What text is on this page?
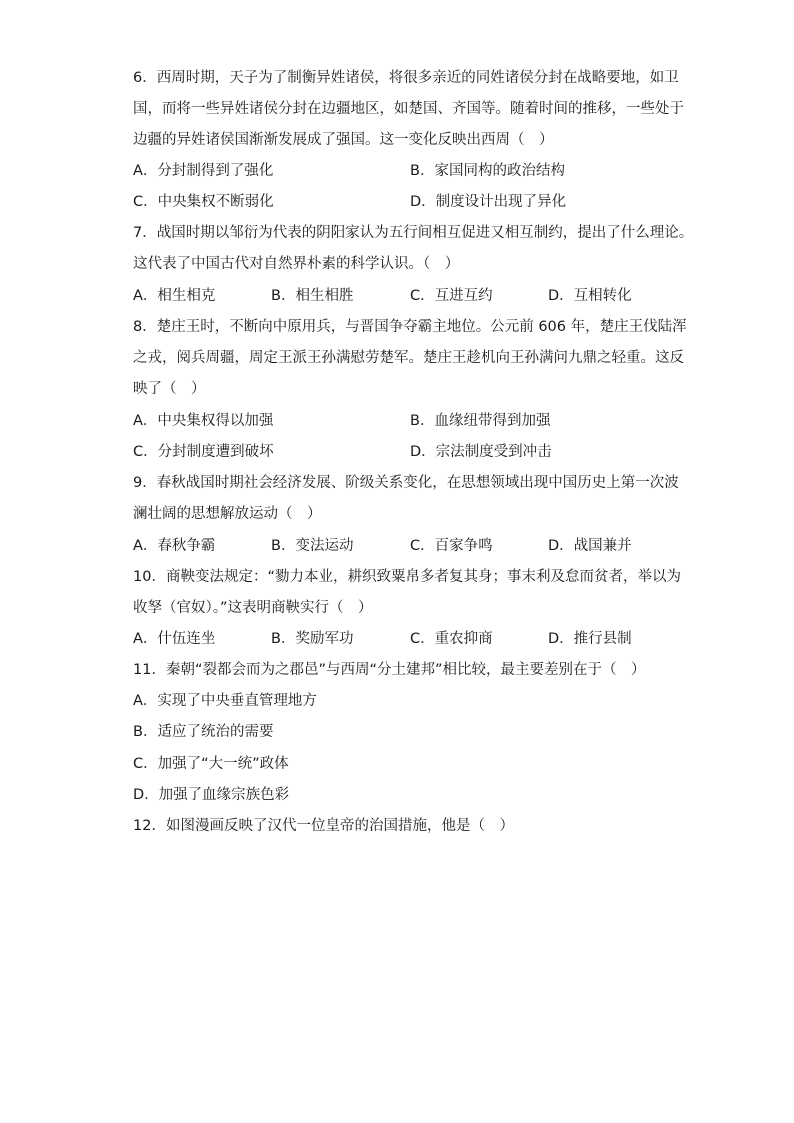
6．西周时期，天子为了制衡异姓诸侯，将很多亲近的同姓诸侯分封在战略要地，如卫
国，而将一些异姓诸侯分封在边疆地区，如楚国、齐国等。随着时间的推移，一些处于
边疆的异姓诸侯国渐渐发展成了强国。这一变化反映出西周（　）
A．分封制得到了强化	B．家国同构的政治结构
C．中央集权不断弱化	D．制度设计出现了异化
7．战国时期以邹衍为代表的阴阳家认为五行间相互促进又相互制约，提出了什么理论。
这代表了中国古代对自然界朴素的科学认识。（　）
A．相生相克	B．相生相胜	C．互进互约	D．互相转化
8．楚庄王时，不断向中原用兵，与晋国争夺霸主地位。公元前 606 年，楚庄王伐陆浑
之戎，阅兵周疆，周定王派王孙满慰劳楚军。楚庄王趁机向王孙满问九鼎之轻重。这反
映了（　）
A．中央集权得以加强	B．血缘纽带得到加强
C．分封制度遭到破坏	D．宗法制度受到冲击
9．春秋战国时期社会经济发展、阶级关系变化，在思想领域出现中国历史上第一次波
澜壮阔的思想解放运动（　）
A．春秋争霸	B．变法运动	C．百家争鸣	D．战国兼并
10．商鞅变法规定：“勠力本业，耕织致粟帛多者复其身；事末利及怠而贫者，举以为
收孥（官奴）。”这表明商鞅实行（　）
A．什伍连坐	B．奖励军功	C．重农抑商	D．推行县制
11．秦朝“裂都会而为之郡邑”与西周“分土建邦”相比较，最主要差别在于（　）
A．实现了中央垂直管理地方
B．适应了统治的需要
C．加强了“大一统”政体
D．加强了血缘宗族色彩
12．如图漫画反映了汉代一位皇帝的治国措施，他是（　）
